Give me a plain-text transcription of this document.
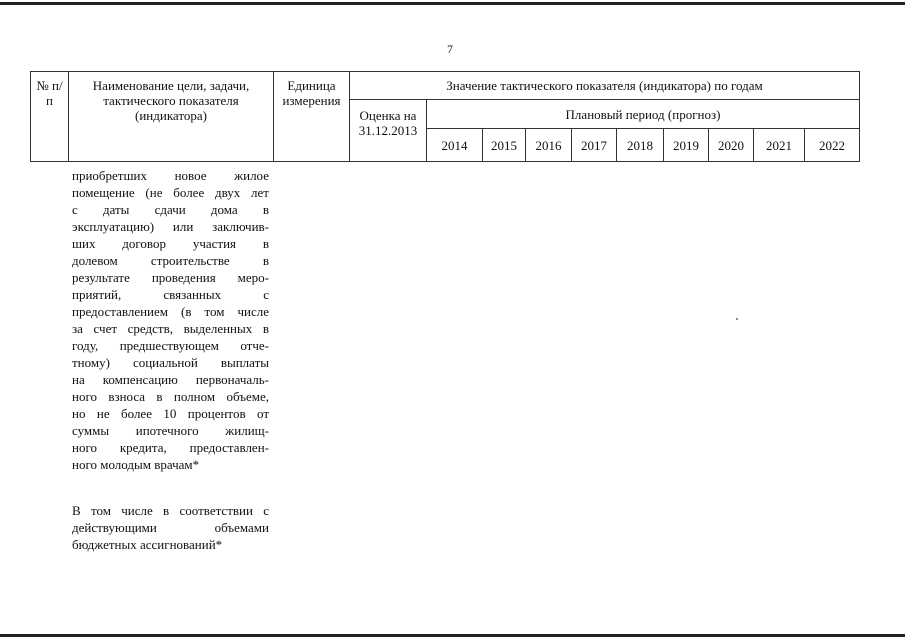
7
№ п/п	Наименование цели, задачи, тактического показателя (индикатора)	Единица измерения	Значение тактического показателя (индикатора) по годам									
			Оценка на 31.12.2013	Плановый период (прогноз)								
				2014	2015	2016	2017	2018	2019	2020	2021	2022

приобретших новое жилое
помещение (не более двух лет
с даты сдачи дома в
эксплуатацию) или заключив-
ших договор участия в
долевом строительстве в
результате проведения меро-
приятий, связанных с
предоставлением (в том числе
за счет средств, выделенных в
году, предшествующем отче-
тному) социальной выплаты
на компенсацию первоначаль-
ного взноса в полном объеме,
но не более 10 процентов от
суммы ипотечного жилищ-
ного кредита, предоставлен-
ного молодым врачам*

В том числе в соответствии с
действующими объемами
бюджетных ассигнований*
